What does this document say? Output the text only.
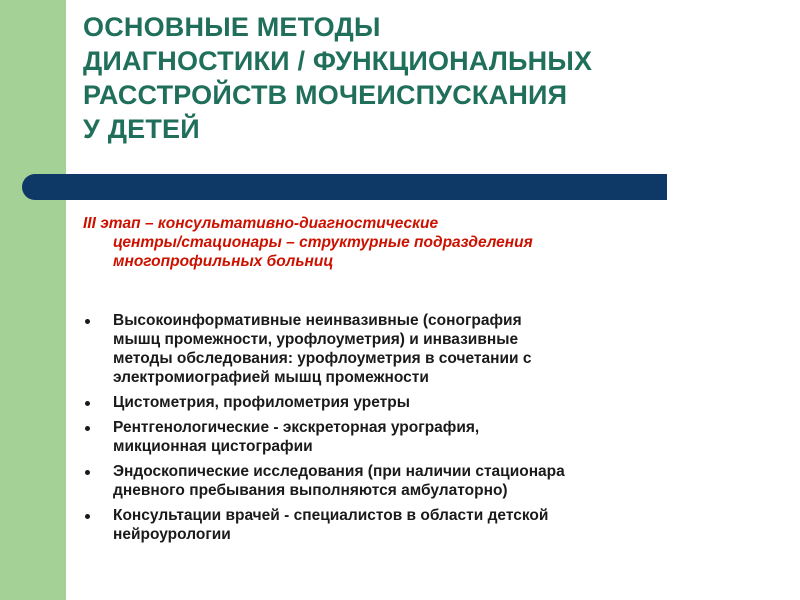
ОСНОВНЫЕ МЕТОДЫ
ДИАГНОСТИКИ / ФУНКЦИОНАЛЬНЫХ
РАССТРОЙСТВ МОЧЕИСПУСКАНИЯ
У ДЕТЕЙ
III этап – консультативно-диагностические
центры/стационары – структурные подразделения
многопрофильных больниц
Высокоинформативные неинвазивные (сонография
мышц промежности, урофлоуметрия) и инвазивные
методы обследования: урофлоуметрия в сочетании с
электромиографией мышц промежности
Цистометрия, профилометрия уретры
Рентгенологические - экскреторная урография,
микционная цистографии
Эндоскопические исследования (при наличии стационара
дневного пребывания выполняются амбулаторно)
Консультации врачей - специалистов в области детской
нейроурологии
